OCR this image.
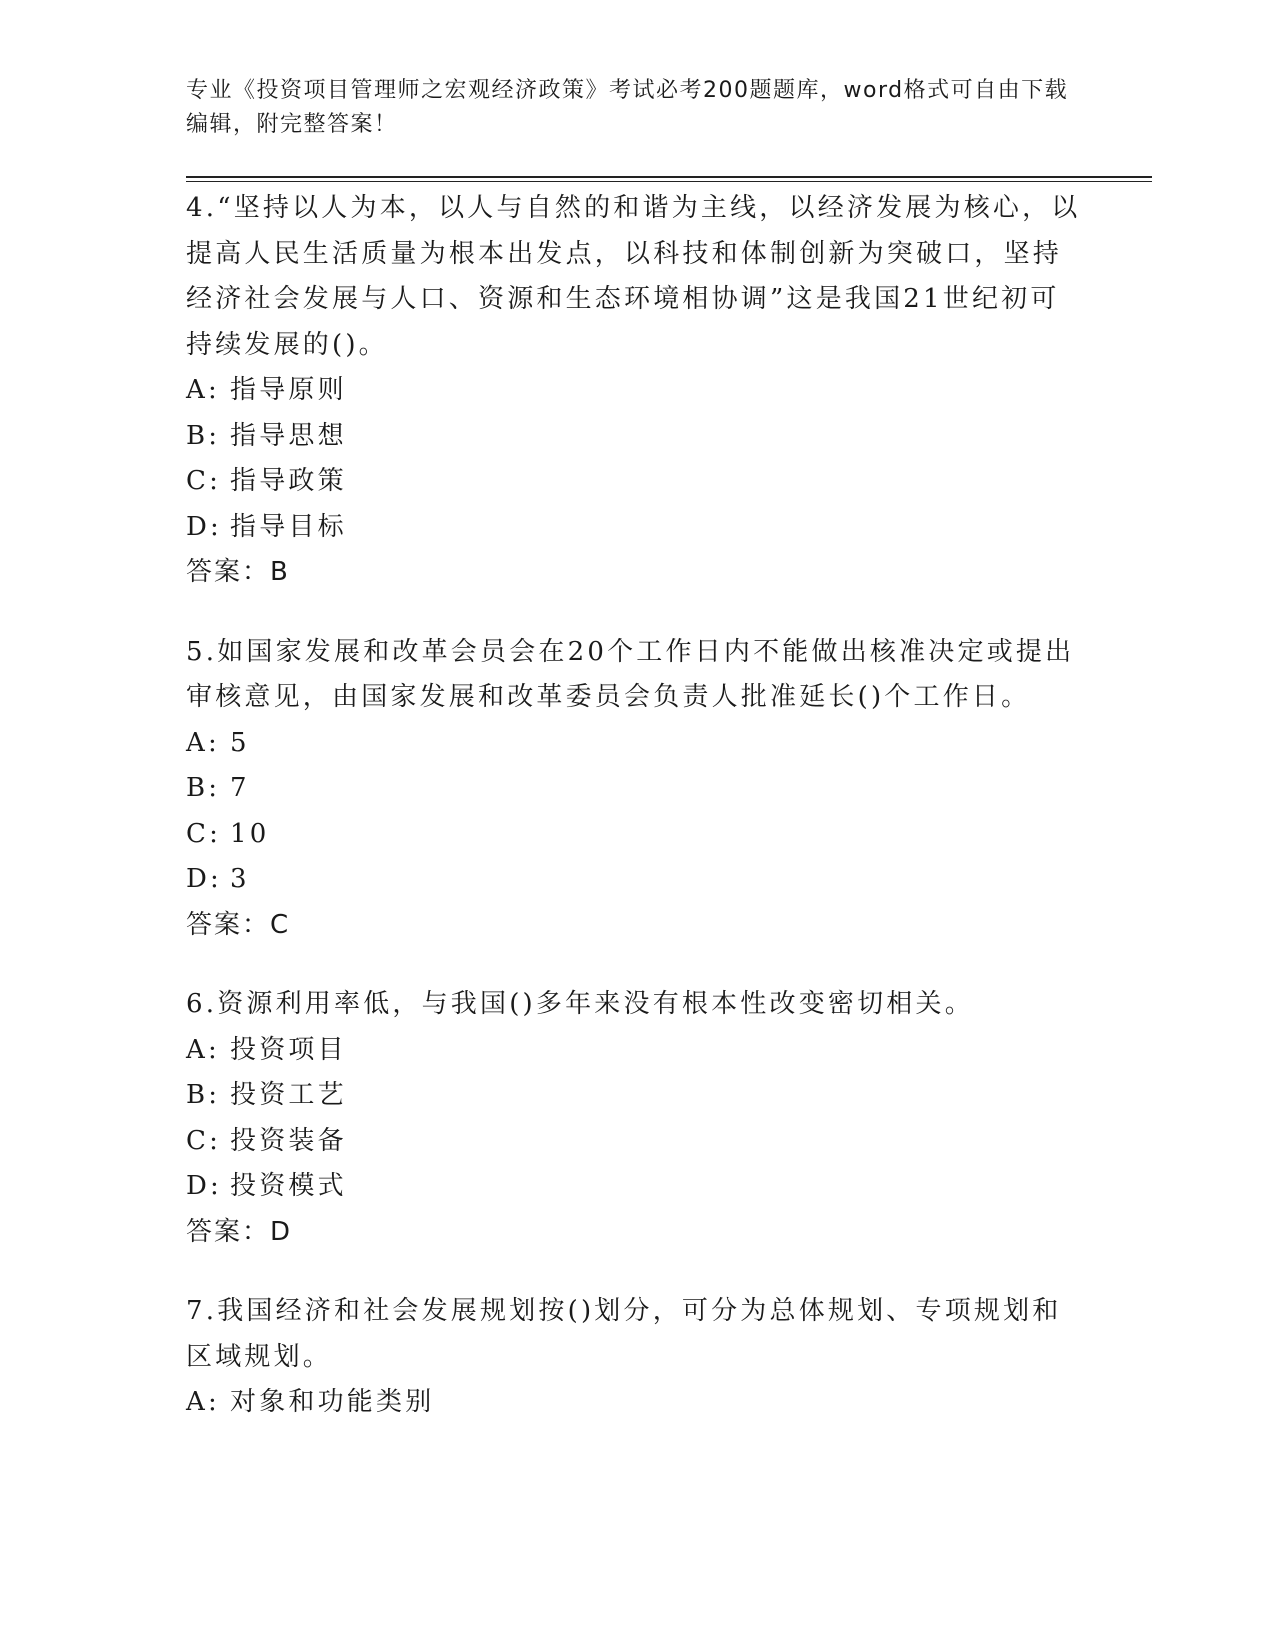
专业《投资项目管理师之宏观经济政策》考试必考200题题库，word格式可自由下载编辑，附完整答案！

4.“坚持以人为本，以人与自然的和谐为主线，以经济发展为核心，以提高人民生活质量为根本出发点，以科技和体制创新为突破口，坚持经济社会发展与人口、资源和生态环境相协调”这是我国21世纪初可持续发展的()。

A: 指导原则

B: 指导思想

C: 指导政策

D: 指导目标

答案：B

5.如国家发展和改革会员会在20个工作日内不能做出核准决定或提出审核意见，由国家发展和改革委员会负责人批准延长()个工作日。

A: 5

B: 7

C: 10

D: 3

答案：C

6.资源利用率低，与我国()多年来没有根本性改变密切相关。

A: 投资项目

B: 投资工艺

C: 投资装备

D: 投资模式

答案：D

7.我国经济和社会发展规划按()划分，可分为总体规划、专项规划和区域规划。

A: 对象和功能类别
